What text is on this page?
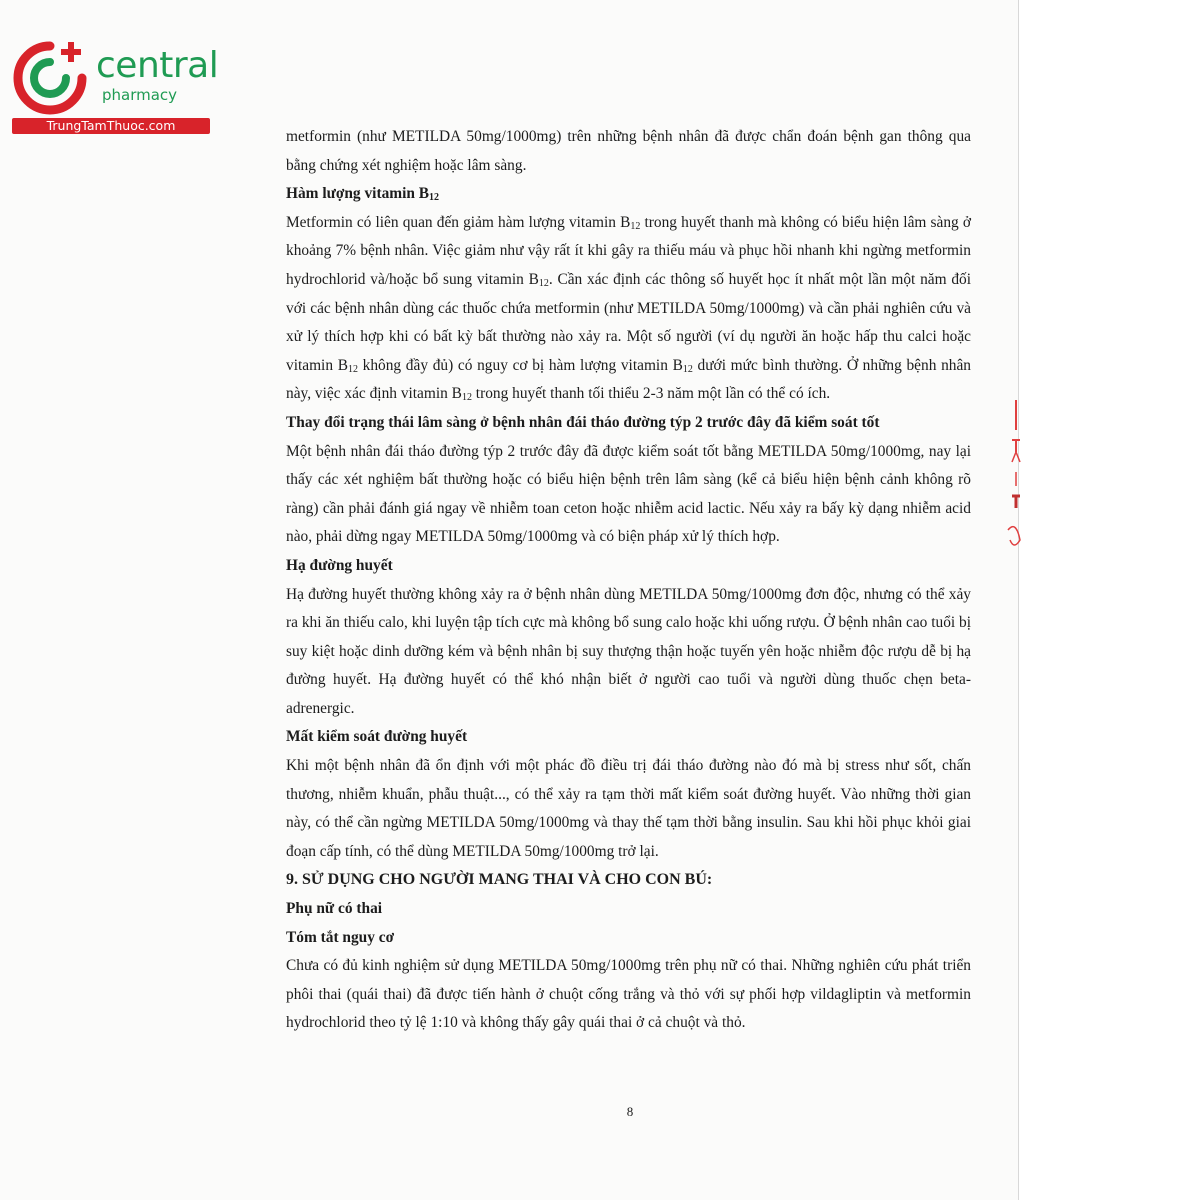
central
pharmacy
TrungTamThuoc.com

metformin (như METILDA 50mg/1000mg) trên những bệnh nhân đã được chẩn đoán bệnh gan thông qua bằng chứng xét nghiệm hoặc lâm sàng.

Hàm lượng vitamin $B_{12}$

Metformin có liên quan đến giảm hàm lượng vitamin $B_{12}$ trong huyết thanh mà không có biểu hiện lâm sàng ở khoảng 7% bệnh nhân. Việc giảm như vậy rất ít khi gây ra thiếu máu và phục hồi nhanh khi ngừng metformin hydrochlorid và/hoặc bổ sung vitamin $B_{12}$. Cần xác định các thông số huyết học ít nhất một lần một năm đối với các bệnh nhân dùng các thuốc chứa metformin (như METILDA 50mg/1000mg) và cần phải nghiên cứu và xử lý thích hợp khi có bất kỳ bất thường nào xảy ra. Một số người (ví dụ người ăn hoặc hấp thu calci hoặc vitamin $B_{12}$ không đầy đủ) có nguy cơ bị hàm lượng vitamin $B_{12}$ dưới mức bình thường. Ở những bệnh nhân này, việc xác định vitamin $B_{12}$ trong huyết thanh tối thiểu 2-3 năm một lần có thể có ích.

Thay đổi trạng thái lâm sàng ở bệnh nhân đái tháo đường týp 2 trước đây đã kiểm soát tốt

Một bệnh nhân đái tháo đường týp 2 trước đây đã được kiểm soát tốt bằng METILDA 50mg/1000mg, nay lại thấy các xét nghiệm bất thường hoặc có biểu hiện bệnh trên lâm sàng (kể cả biểu hiện bệnh cảnh không rõ ràng) cần phải đánh giá ngay về nhiễm toan ceton hoặc nhiễm acid lactic. Nếu xảy ra bấy kỳ dạng nhiễm acid nào, phải dừng ngay METILDA 50mg/1000mg và có biện pháp xử lý thích hợp.

Hạ đường huyết

Hạ đường huyết thường không xảy ra ở bệnh nhân dùng METILDA 50mg/1000mg đơn độc, nhưng có thể xảy ra khi ăn thiếu calo, khi luyện tập tích cực mà không bổ sung calo hoặc khi uống rượu. Ở bệnh nhân cao tuổi bị suy kiệt hoặc dinh dưỡng kém và bệnh nhân bị suy thượng thận hoặc tuyến yên hoặc nhiễm độc rượu dễ bị hạ đường huyết. Hạ đường huyết có thể khó nhận biết ở người cao tuổi và người dùng thuốc chẹn beta-adrenergic.

Mất kiểm soát đường huyết

Khi một bệnh nhân đã ổn định với một phác đồ điều trị đái tháo đường nào đó mà bị stress như sốt, chấn thương, nhiễm khuẩn, phẫu thuật..., có thể xảy ra tạm thời mất kiểm soát đường huyết. Vào những thời gian này, có thể cần ngừng METILDA 50mg/1000mg và thay thế tạm thời bằng insulin. Sau khi hồi phục khỏi giai đoạn cấp tính, có thể dùng METILDA 50mg/1000mg trở lại.

9. SỬ DỤNG CHO NGƯỜI MANG THAI VÀ CHO CON BÚ:

Phụ nữ có thai

Tóm tắt nguy cơ

Chưa có đủ kinh nghiệm sử dụng METILDA 50mg/1000mg trên phụ nữ có thai. Những nghiên cứu phát triển phôi thai (quái thai) đã được tiến hành ở chuột cống trắng và thỏ với sự phối hợp vildagliptin và metformin hydrochlorid theo tỷ lệ 1:10 và không thấy gây quái thai ở cả chuột và thỏ.

8
